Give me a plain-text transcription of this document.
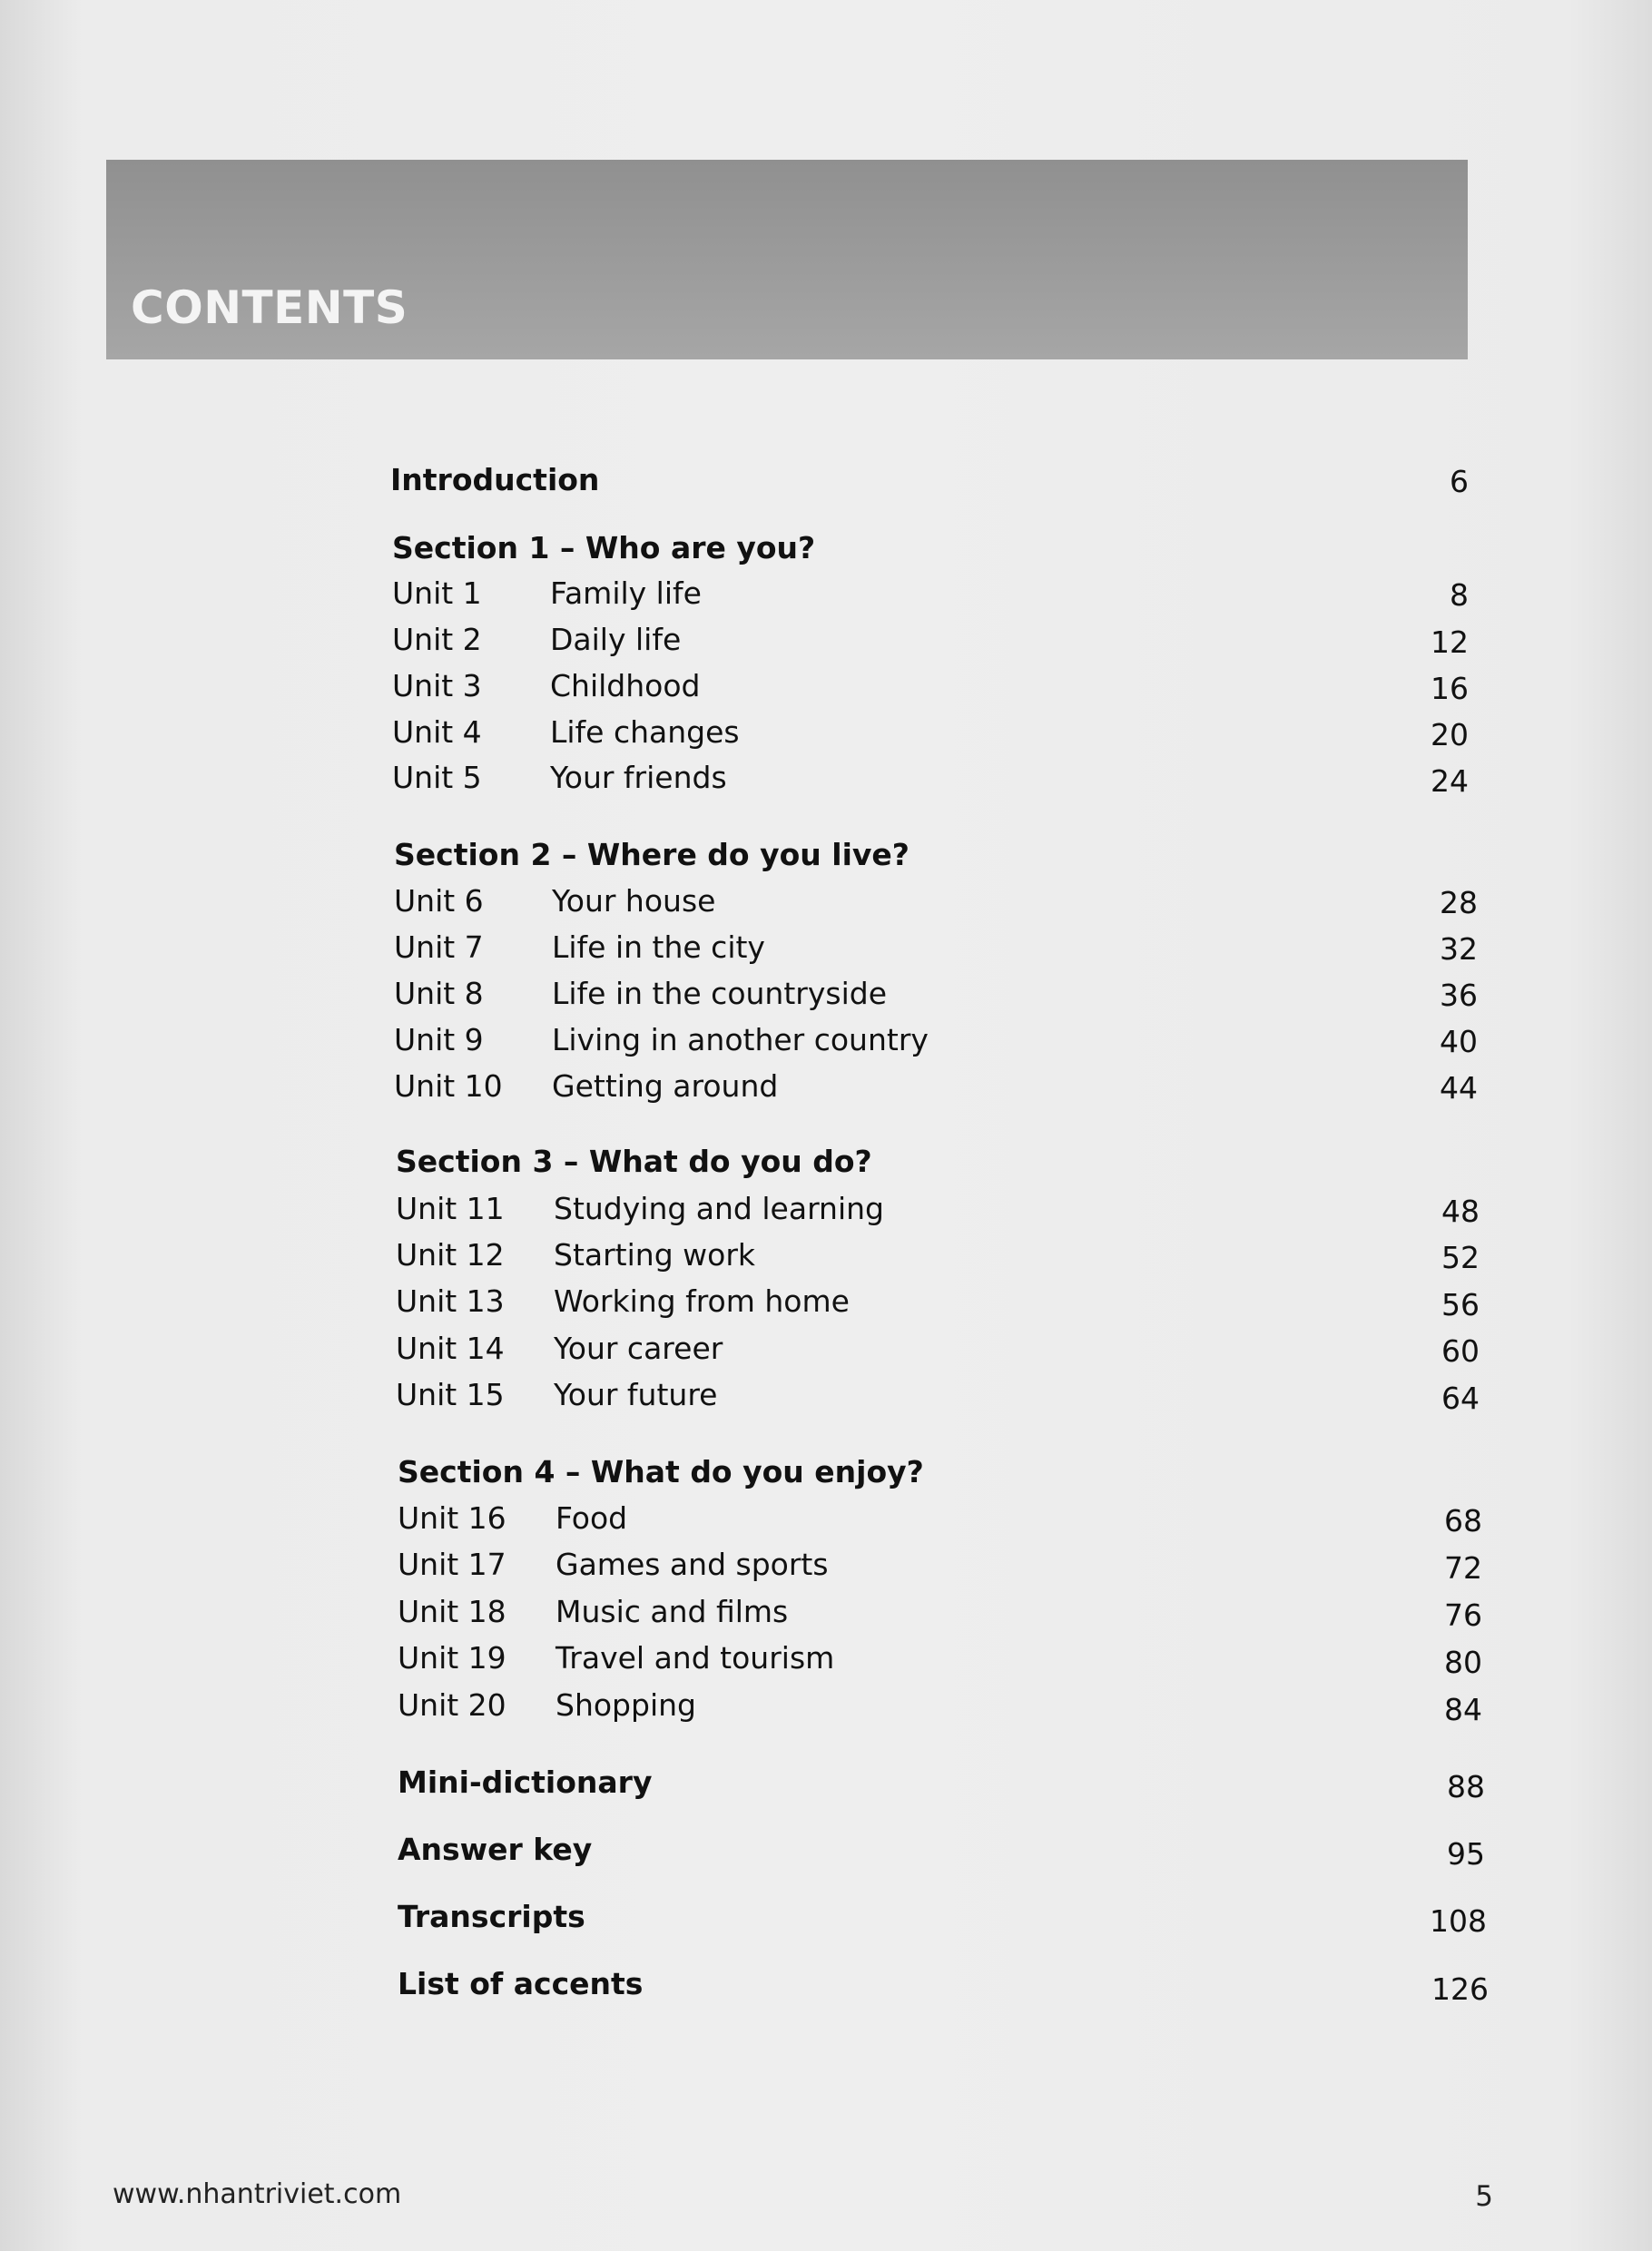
CONTENTS
Introduction	6
Section 1 – Who are you?
Unit 1 Family life	8
Unit 2 Daily life	12
Unit 3 Childhood	16
Unit 4 Life changes	20
Unit 5 Your friends	24
Section 2 – Where do you live?
Unit 6 Your house	28
Unit 7 Life in the city	32
Unit 8 Life in the countryside	36
Unit 9 Living in another country	40
Unit 10 Getting around	44
Section 3 – What do you do?
Unit 11 Studying and learning	48
Unit 12 Starting work	52
Unit 13 Working from home	56
Unit 14 Your career	60
Unit 15 Your future	64
Section 4 – What do you enjoy?
Unit 16 Food	68
Unit 17 Games and sports	72
Unit 18 Music and films	76
Unit 19 Travel and tourism	80
Unit 20 Shopping	84
Mini-dictionary	88
Answer key	95
Transcripts	108
List of accents	126
www.nhantriviet.com	5
